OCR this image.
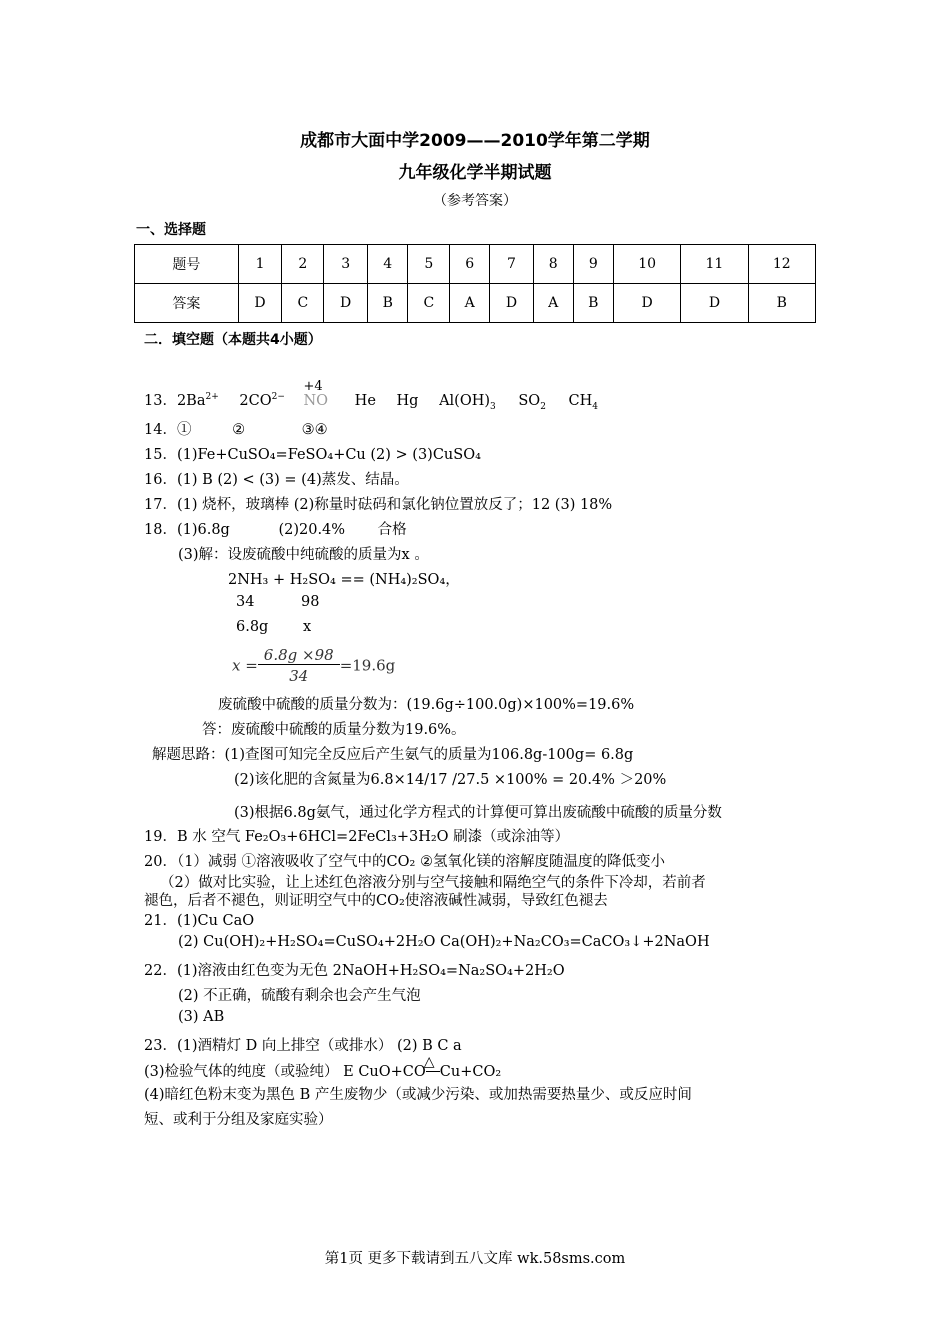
成都市大面中学2009——2010学年第二学期
九年级化学半期试题
（参考答案）
一、选择题
题号	1	2	3	4	5	6	7	8	9	10	11	12
答案	D	C	D	B	C	A	D	A	B	D	D	B
二．填空题（本题共4小题）
13．$2Ba^{2+}$ $2CO^{2-}$
+4
NO He Hg $Al(OH)_3$ $SO_2$ $CH_4$
14．①	②	③④
15．(1)Fe+CuSO₄=FeSO₄+Cu (2) > (3)CuSO₄
16．(1) B (2) < (3) = (4)蒸发、结晶。
17．(1) 烧杯，玻璃棒 (2)称量时砝码和氯化钠位置放反了；12 (3) 18%
18．(1)6.8g	(2)20.4% 合格
(3)解：设废硫酸中纯硫酸的质量为x 。
2NH₃ + H₂SO₄ == (NH₄)₂SO₄，
34	98
6.8g x
$x = \frac{6.8g \times 98}{34} =19.6g$
废硫酸中硫酸的质量分数为：(19.6g÷100.0g)×100%=19.6%
答：废硫酸中硫酸的质量分数为19.6%。
解题思路：(1)查图可知完全反应后产生氨气的质量为106.8g-100g= 6.8g
(2)该化肥的含氮量为6.8×14/17 /27.5 ×100% = 20.4% ＞20%
(3)根据6.8g氨气，通过化学方程式的计算便可算出废硫酸中硫酸的质量分数
19．B 水 空气 Fe₂O₃+6HCl=2FeCl₃+3H₂O 刷漆（或涂油等）
20．（1）减弱 ①溶液吸收了空气中的CO₂ ②氢氧化镁的溶解度随温度的降低变小
（2）做对比实验，让上述红色溶液分别与空气接触和隔绝空气的条件下冷却，若前者
褪色，后者不褪色，则证明空气中的CO₂使溶液碱性减弱，导致红色褪去
21．(1)Cu CaO
(2) Cu(OH)₂+H₂SO₄=CuSO₄+2H₂O Ca(OH)₂+Na₂CO₃=CaCO₃↓+2NaOH
22．(1)溶液由红色变为无色 2NaOH+H₂SO₄=Na₂SO₄+2H₂O
(2) 不正确，硫酸有剩余也会产生气泡
(3) AB
23．(1)酒精灯 D 向上排空（或排水） (2) B C a
(3)检验气体的纯度（或验纯） E CuO+CO
△
Cu+CO₂
(4)暗红色粉末变为黑色 B 产生废物少（或减少污染、或加热需要热量少、或反应时间
短、或利于分组及家庭实验）
第1页 更多下载请到五八文库 wk.58sms.com
